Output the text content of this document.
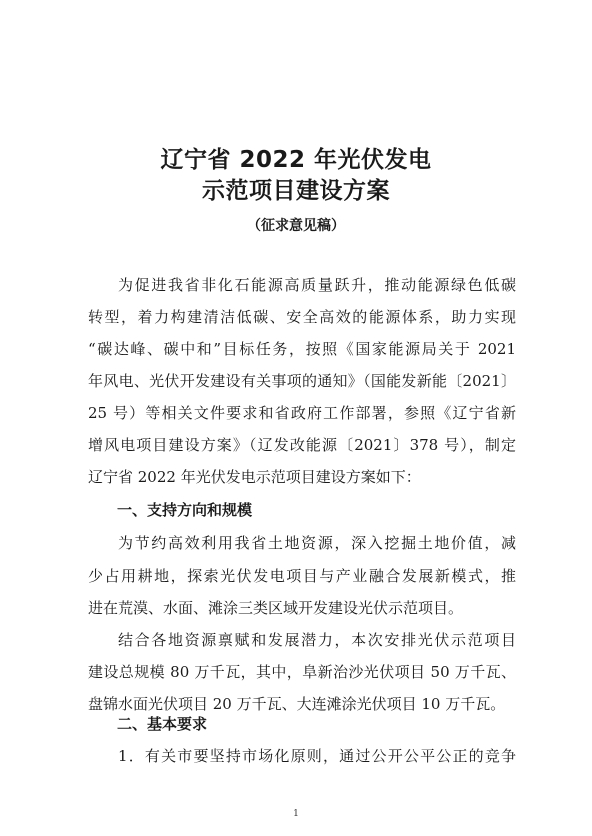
辽宁省 2022 年光伏发电
示范项目建设方案
（征求意见稿）
为促进我省非化石能源高质量跃升，推动能源绿色低碳
转型，着力构建清洁低碳、安全高效的能源体系，助力实现
“碳达峰、碳中和”目标任务，按照《国家能源局关于 2021
年风电、光伏开发建设有关事项的通知》（国能发新能〔2021〕
25 号）等相关文件要求和省政府工作部署，参照《辽宁省新
增风电项目建设方案》（辽发改能源〔2021〕378 号），制定
辽宁省 2022 年光伏发电示范项目建设方案如下：
一、支持方向和规模
为节约高效利用我省土地资源，深入挖掘土地价值，减
少占用耕地，探索光伏发电项目与产业融合发展新模式，推
进在荒漠、水面、滩涂三类区域开发建设光伏示范项目。
结合各地资源禀赋和发展潜力，本次安排光伏示范项目
建设总规模 80 万千瓦，其中，阜新治沙光伏项目 50 万千瓦、
盘锦水面光伏项目 20 万千瓦、大连滩涂光伏项目 10 万千瓦。
二、基本要求
1．有关市要坚持市场化原则，通过公开公平公正的竞争
1
